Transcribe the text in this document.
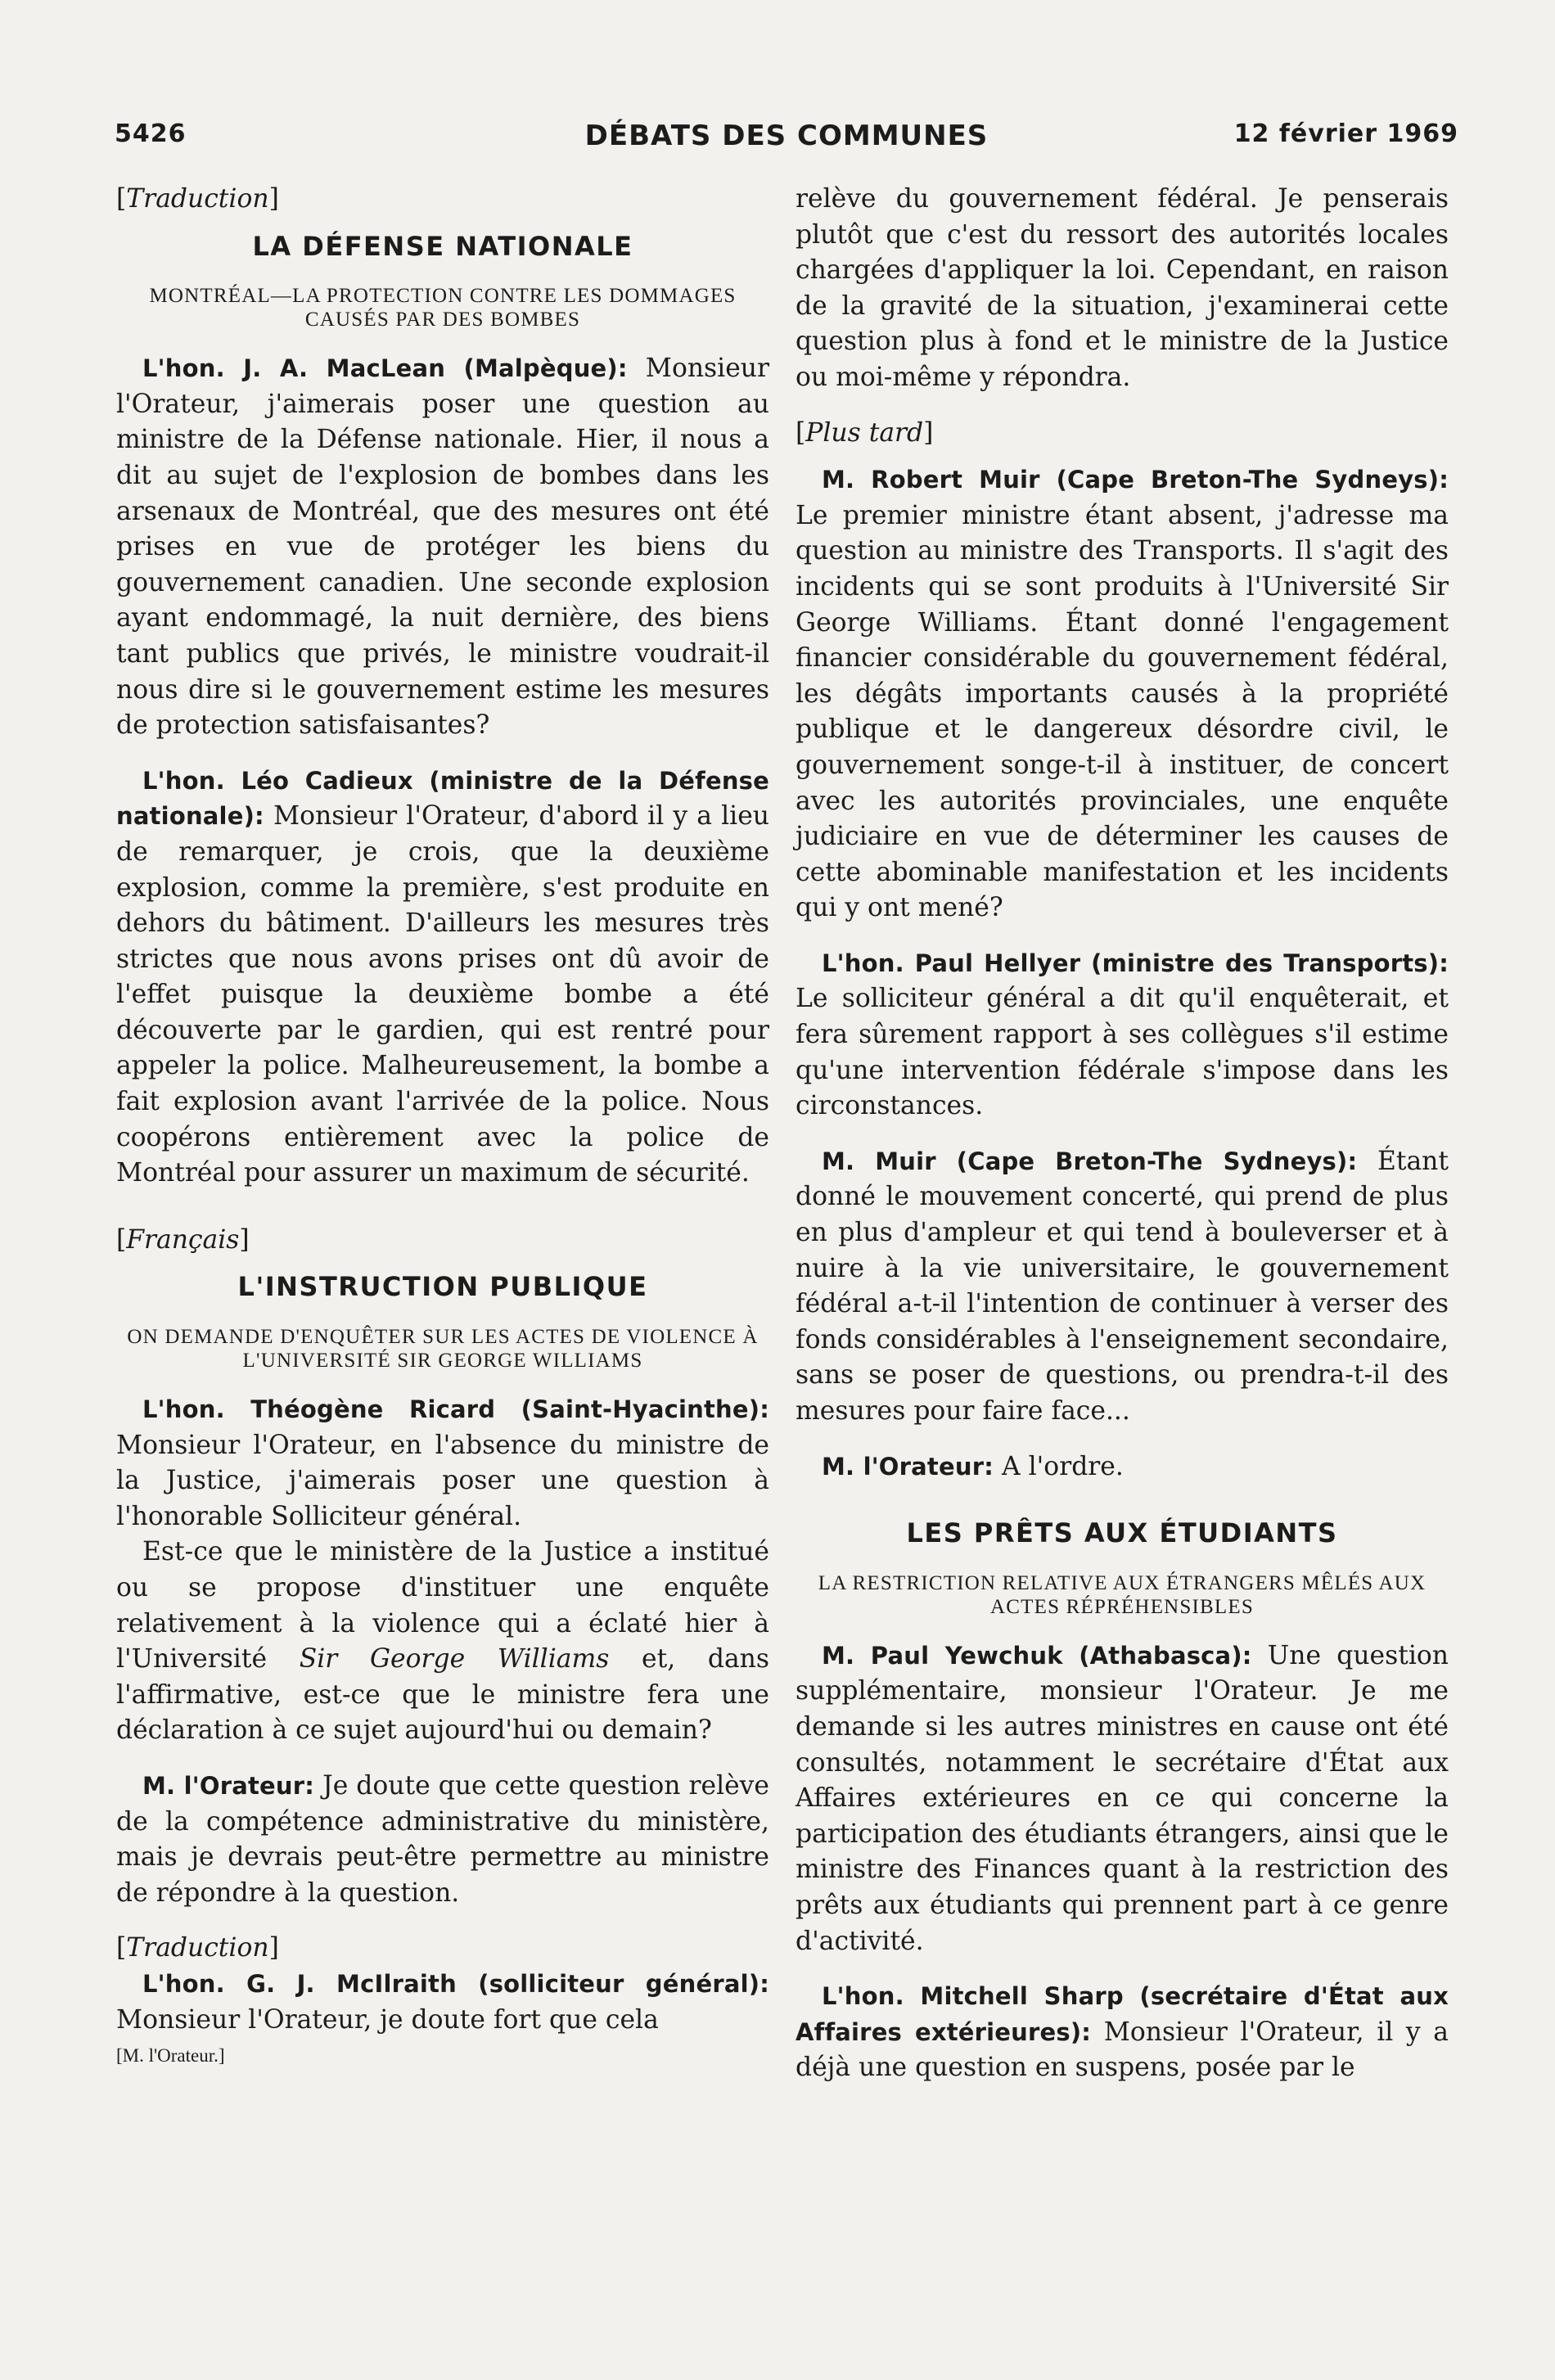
5426	DÉBATS DES COMMUNES	12 février 1969

[ Traduction ]

LA DÉFENSE NATIONALE
MONTRÉAL—LA PROTECTION CONTRE LES DOMMAGES CAUSÉS PAR DES BOMBES

L'hon. J. A. MacLean (Malpèque): Monsieur l'Orateur, j'aimerais poser une question au ministre de la Défense nationale. Hier, il nous a dit au sujet de l'explosion de bombes dans les arsenaux de Montréal, que des mesures ont été prises en vue de protéger les biens du gouvernement canadien. Une seconde explosion ayant endommagé, la nuit dernière, des biens tant publics que privés, le ministre voudrait-il nous dire si le gouvernement estime les mesures de protection satisfaisantes?

L'hon. Léo Cadieux (ministre de la Défense nationale): Monsieur l'Orateur, d'abord il y a lieu de remarquer, je crois, que la deuxième explosion, comme la première, s'est produite en dehors du bâtiment. D'ailleurs les mesures très strictes que nous avons prises ont dû avoir de l'effet puisque la deuxième bombe a été découverte par le gardien, qui est rentré pour appeler la police. Malheureusement, la bombe a fait explosion avant l'arrivée de la police. Nous coopérons entièrement avec la police de Montréal pour assurer un maximum de sécurité.

[ Français ]

L'INSTRUCTION PUBLIQUE
ON DEMANDE D'ENQUÊTER SUR LES ACTES DE VIOLENCE À L'UNIVERSITÉ SIR GEORGE WILLIAMS

L'hon. Théogène Ricard (Saint-Hyacinthe): Monsieur l'Orateur, en l'absence du ministre de la Justice, j'aimerais poser une question à l'honorable Solliciteur général.

Est-ce que le ministère de la Justice a institué ou se propose d'instituer une enquête relativement à la violence qui a éclaté hier à l'Université Sir George Williams et, dans l'affirmative, est-ce que le ministre fera une déclaration à ce sujet aujourd'hui ou demain?

M. l'Orateur: Je doute que cette question relève de la compétence administrative du ministère, mais je devrais peut-être permettre au ministre de répondre à la question.

[ Traduction ]

L'hon. G. J. McIlraith (solliciteur général): Monsieur l'Orateur, je doute fort que cela

[M. l'Orateur.]

relève du gouvernement fédéral. Je penserais plutôt que c'est du ressort des autorités locales chargées d'appliquer la loi. Cependant, en raison de la gravité de la situation, j'examinerai cette question plus à fond et le ministre de la Justice ou moi-même y répondra.

[ Plus tard ]

M. Robert Muir (Cape Breton-The Sydneys): Le premier ministre étant absent, j'adresse ma question au ministre des Transports. Il s'agit des incidents qui se sont produits à l'Université Sir George Williams. Étant donné l'engagement financier considérable du gouvernement fédéral, les dégâts importants causés à la propriété publique et le dangereux désordre civil, le gouvernement songe-t-il à instituer, de concert avec les autorités provinciales, une enquête judiciaire en vue de déterminer les causes de cette abominable manifestation et les incidents qui y ont mené?

L'hon. Paul Hellyer (ministre des Transports): Le solliciteur général a dit qu'il enquêterait, et fera sûrement rapport à ses collègues s'il estime qu'une intervention fédérale s'impose dans les circonstances.

M. Muir (Cape Breton-The Sydneys): Étant donné le mouvement concerté, qui prend de plus en plus d'ampleur et qui tend à bouleverser et à nuire à la vie universitaire, le gouvernement fédéral a-t-il l'intention de continuer à verser des fonds considérables à l'enseignement secondaire, sans se poser de questions, ou prendra-t-il des mesures pour faire face...

M. l'Orateur: A l'ordre.

LES PRÊTS AUX ÉTUDIANTS
LA RESTRICTION RELATIVE AUX ÉTRANGERS MÊLÉS AUX ACTES RÉPRÉHENSIBLES

M. Paul Yewchuk (Athabasca): Une question supplémentaire, monsieur l'Orateur. Je me demande si les autres ministres en cause ont été consultés, notamment le secrétaire d'État aux Affaires extérieures en ce qui concerne la participation des étudiants étrangers, ainsi que le ministre des Finances quant à la restriction des prêts aux étudiants qui prennent part à ce genre d'activité.

L'hon. Mitchell Sharp (secrétaire d'État aux Affaires extérieures): Monsieur l'Orateur, il y a déjà une question en suspens, posée par le
